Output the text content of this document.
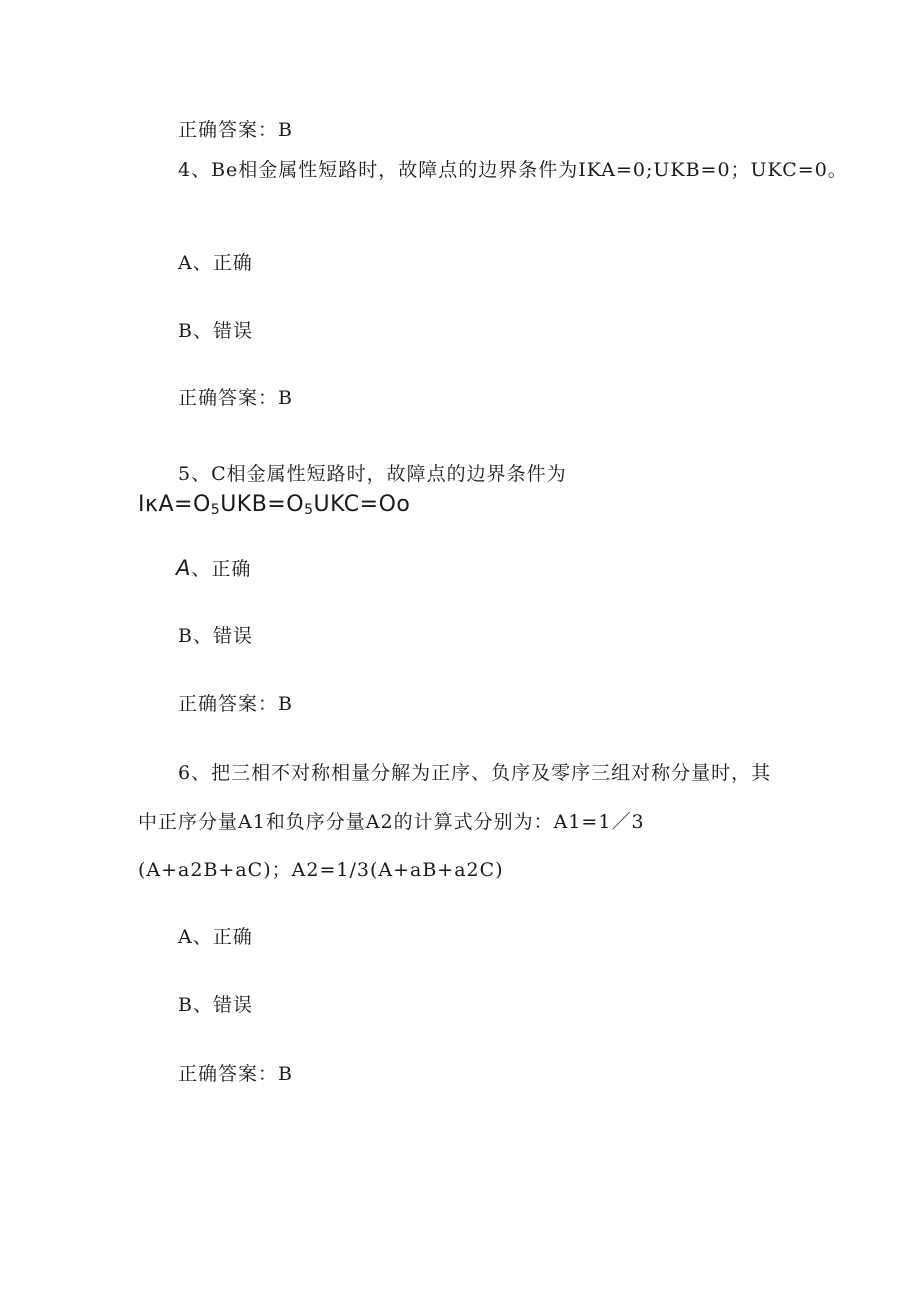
正确答案：B
4、Be相金属性短路时，故障点的边界条件为IKA=0;UKB=0；UKC=0。
A、正确
B、错误
正确答案：B
5、C相金属性短路时，故障点的边界条件为
$I\kappa A=O_5UKB=O_5UKC=Oo$
A、正确
B、错误
正确答案：B
6、把三相不对称相量分解为正序、负序及零序三组对称分量时，其
中正序分量A1和负序分量A2的计算式分别为：A1=1／3
(A+a2B+aC)；A2=1/3(A+aB+a2C)
A、正确
B、错误
正确答案：B
